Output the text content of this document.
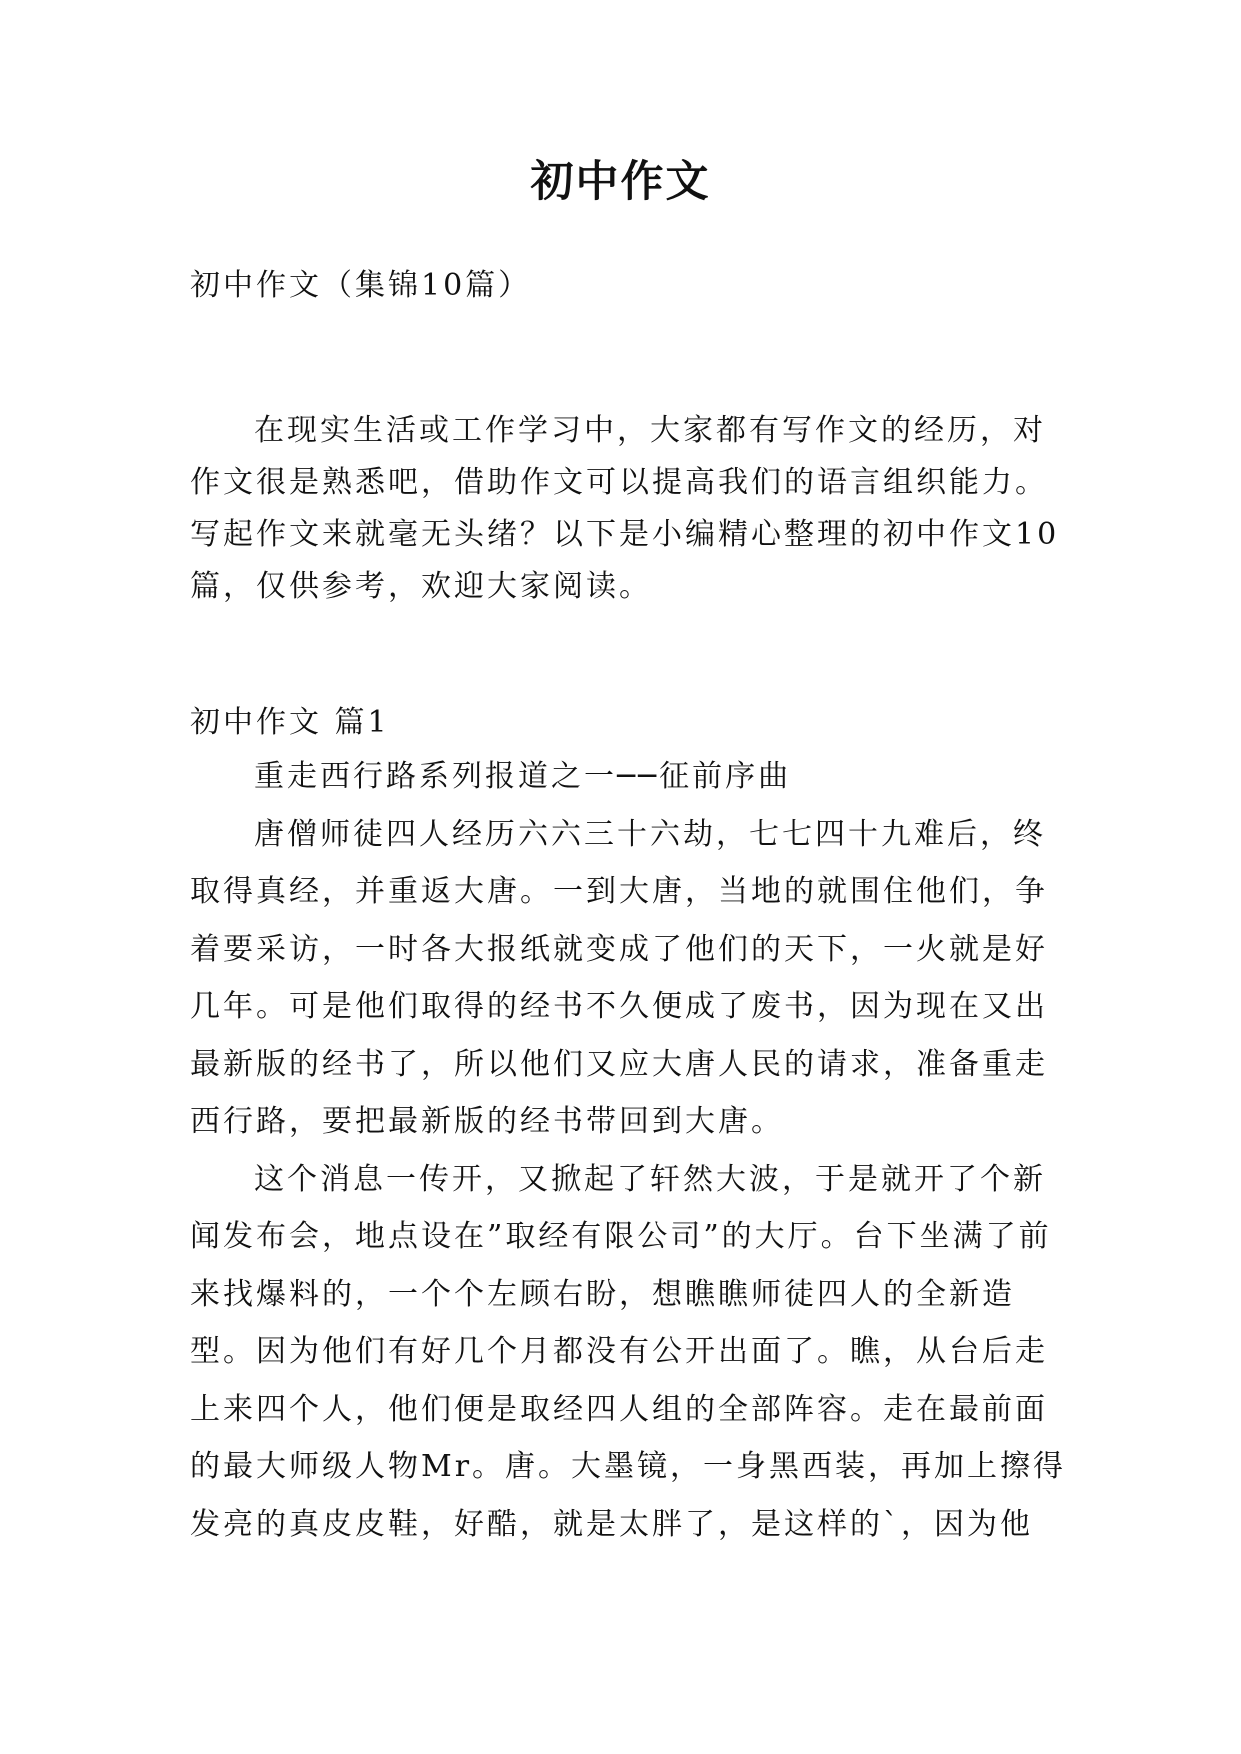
初中作文

初中作文（集锦10篇）

在现实生活或工作学习中，大家都有写作文的经历，对作文很是熟悉吧，借助作文可以提高我们的语言组织能力。写起作文来就毫无头绪？以下是小编精心整理的初中作文10篇，仅供参考，欢迎大家阅读。

初中作文 篇1

重走西行路系列报道之一──征前序曲

唐僧师徒四人经历六六三十六劫，七七四十九难后，终取得真经，并重返大唐。一到大唐，当地的就围住他们，争着要采访，一时各大报纸就变成了他们的天下，一火就是好几年。可是他们取得的经书不久便成了废书，因为现在又出最新版的经书了，所以他们又应大唐人民的请求，准备重走西行路，要把最新版的经书带回到大唐。

这个消息一传开，又掀起了轩然大波，于是就开了个新闻发布会，地点设在”取经有限公司”的大厅。台下坐满了前来找爆料的，一个个左顾右盼，想瞧瞧师徒四人的全新造型。因为他们有好几个月都没有公开出面了。瞧，从台后走上来四个人，他们便是取经四人组的全部阵容。走在最前面的最大师级人物Mr。唐。大墨镜，一身黑西装，再加上擦得发亮的真皮皮鞋，好酷，就是太胖了，是这样的`，因为他
